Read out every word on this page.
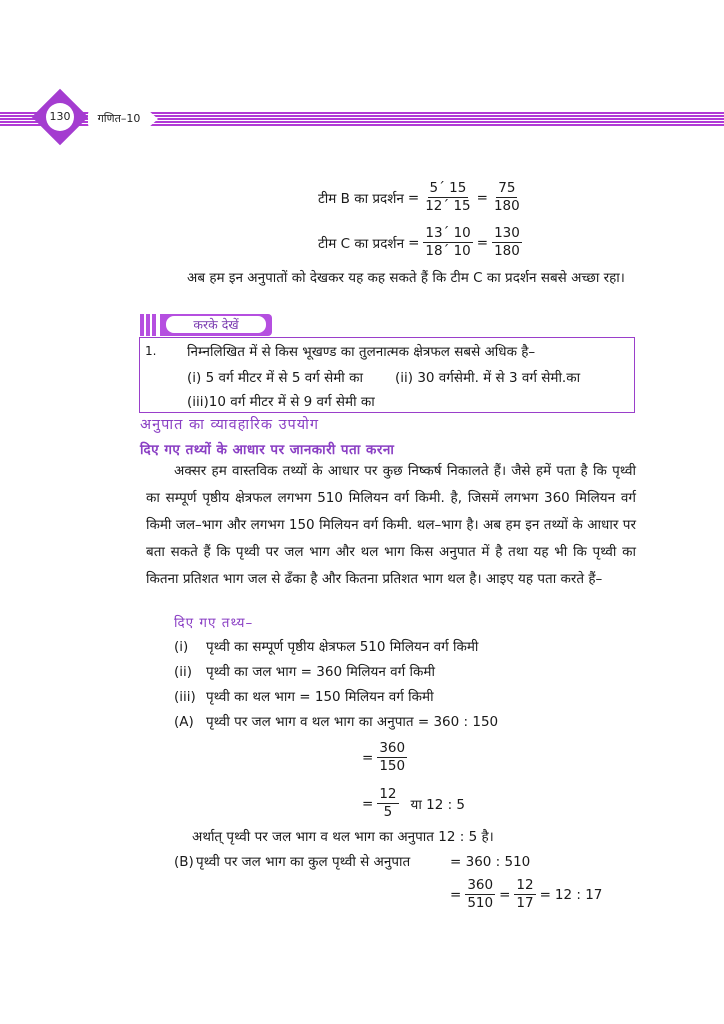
130	गणित–10
टीम B का प्रदर्शन = $\frac{5´ 15}{12´ 15} = \frac{75}{180}$
टीम C का प्रदर्शन = $\frac{13´ 10}{18´ 10} = \frac{130}{180}$
अब हम इन अनुपातों को देखकर यह कह सकते हैं कि टीम C का प्रदर्शन सबसे अच्छा रहा।
करके देखें
1. निम्नलिखित में से किस भूखण्ड का तुलनात्मक क्षेत्रफल सबसे अधिक है–
(i) 5 वर्ग मीटर में से 5 वर्ग सेमी का (ii) 30 वर्गसेमी. में से 3 वर्ग सेमी.का
(iii)10 वर्ग मीटर में से 9 वर्ग सेमी का
अनुपात का व्यावहारिक उपयोग
दिए गए तथ्यों के आधार पर जानकारी पता करना
अक्सर हम वास्तविक तथ्यों के आधार पर कुछ निष्कर्ष निकालते हैं। जैसे हमें पता है कि पृथ्वी का सम्पूर्ण पृष्ठीय क्षेत्रफल लगभग 510 मिलियन वर्ग किमी. है, जिसमें लगभग 360 मिलियन वर्ग किमी जल–भाग और लगभग 150 मिलियन वर्ग किमी. थल–भाग है। अब हम इन तथ्यों के आधार पर बता सकते हैं कि पृथ्वी पर जल भाग और थल भाग किस अनुपात में है तथा यह भी कि पृथ्वी का कितना प्रतिशत भाग जल से ढँका है और कितना प्रतिशत भाग थल है। आइए यह पता करते हैं–
दिए गए तथ्य–
(i) पृथ्वी का सम्पूर्ण पृष्ठीय क्षेत्रफल 510 मिलियन वर्ग किमी
(ii) पृथ्वी का जल भाग = 360 मिलियन वर्ग किमी
(iii) पृथ्वी का थल भाग = 150 मिलियन वर्ग किमी
(A) पृथ्वी पर जल भाग व थल भाग का अनुपात = 360 : 150
= $\frac{360}{150}$
= $\frac{12}{5}$ या 12 : 5
अर्थात् पृथ्वी पर जल भाग व थल भाग का अनुपात 12 : 5 है।
(B) पृथ्वी पर जल भाग का कुल पृथ्वी से अनुपात	= 360 : 510
= $\frac{360}{510} = \frac{12}{17} = 12$ : 17
